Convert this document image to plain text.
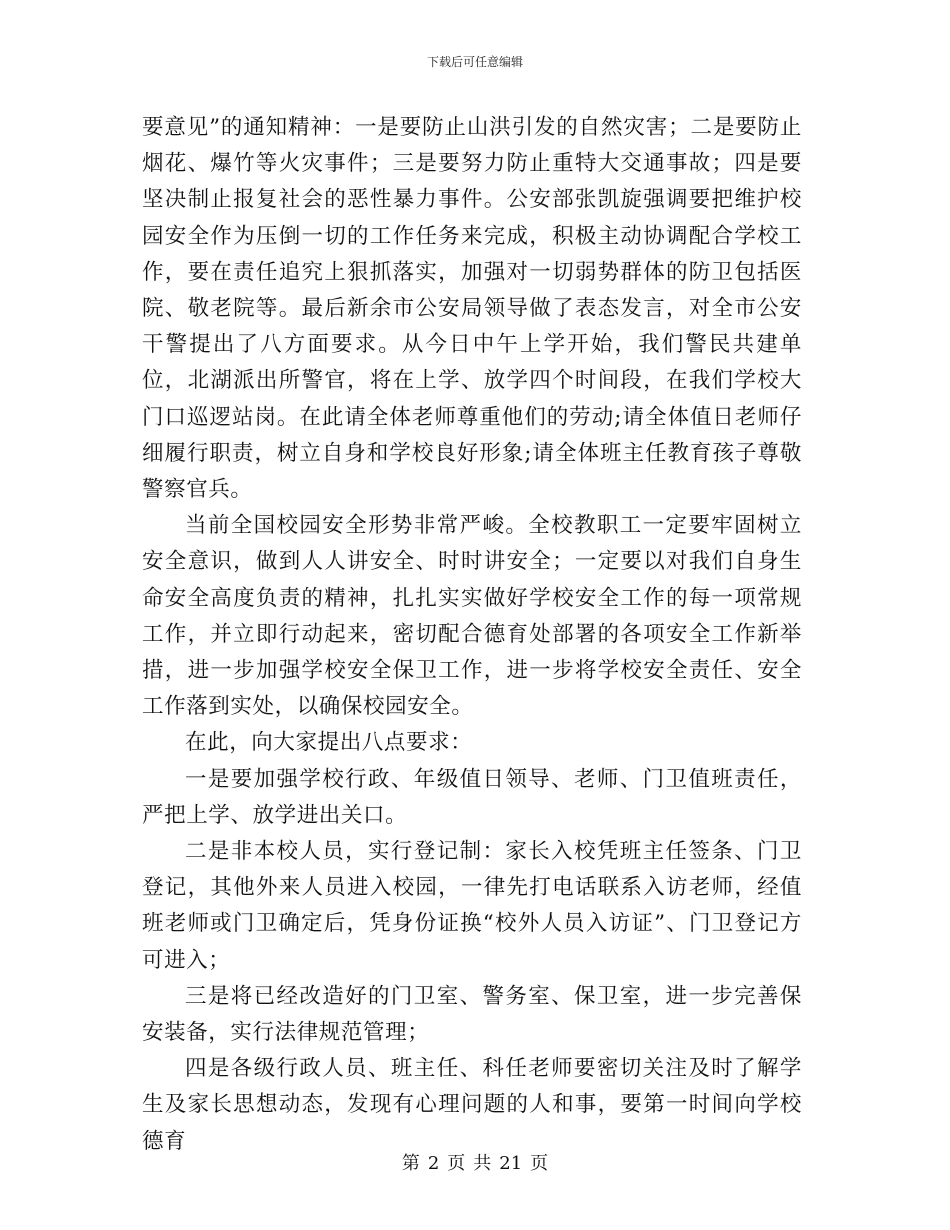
下载后可任意编辑

要意见”的通知精神：一是要防止山洪引发的自然灾害；二是要防止烟花、爆竹等火灾事件；三是要努力防止重特大交通事故；四是要坚决制止报复社会的恶性暴力事件。公安部张凯旋强调要把维护校园安全作为压倒一切的工作任务来完成，积极主动协调配合学校工作，要在责任追究上狠抓落实，加强对一切弱势群体的防卫包括医院、敬老院等。最后新余市公安局领导做了表态发言，对全市公安干警提出了八方面要求。从今日中午上学开始，我们警民共建单位，北湖派出所警官，将在上学、放学四个时间段，在我们学校大门口巡逻站岗。在此请全体老师尊重他们的劳动;请全体值日老师仔细履行职责，树立自身和学校良好形象;请全体班主任教育孩子尊敬警察官兵。

当前全国校园安全形势非常严峻。全校教职工一定要牢固树立安全意识，做到人人讲安全、时时讲安全；一定要以对我们自身生命安全高度负责的精神，扎扎实实做好学校安全工作的每一项常规工作，并立即行动起来，密切配合德育处部署的各项安全工作新举措，进一步加强学校安全保卫工作，进一步将学校安全责任、安全工作落到实处，以确保校园安全。

在此，向大家提出八点要求：

一是要加强学校行政、年级值日领导、老师、门卫值班责任，严把上学、放学进出关口。

二是非本校人员，实行登记制：家长入校凭班主任签条、门卫登记，其他外来人员进入校园，一律先打电话联系入访老师，经值班老师或门卫确定后，凭身份证换“校外人员入访证”、门卫登记方可进入；

三是将已经改造好的门卫室、警务室、保卫室，进一步完善保安装备，实行法律规范管理；

四是各级行政人员、班主任、科任老师要密切关注及时了解学生及家长思想动态，发现有心理问题的人和事，要第一时间向学校德育

第 2 页 共 21 页
